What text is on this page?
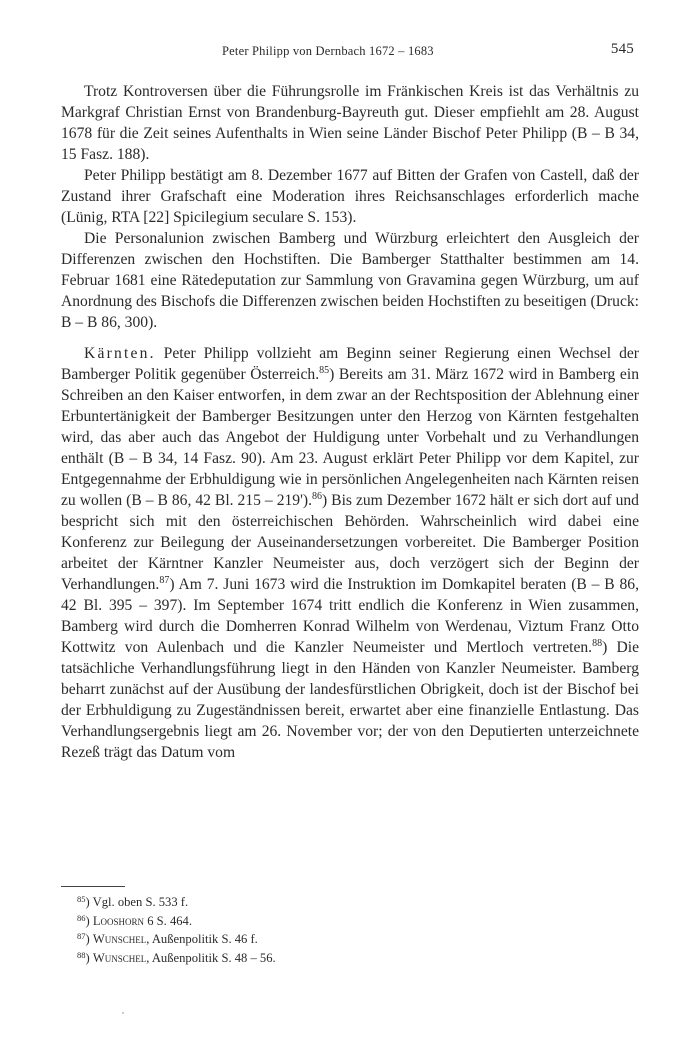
Peter Philipp von Dernbach 1672 – 1683	545

Trotz Kontroversen über die Führungsrolle im Fränkischen Kreis ist das Verhältnis zu Markgraf Christian Ernst von Brandenburg-Bayreuth gut. Dieser empfiehlt am 28. August 1678 für die Zeit seines Aufenthalts in Wien seine Länder Bischof Peter Philipp (B – B 34, 15 Fasz. 188).

Peter Philipp bestätigt am 8. Dezember 1677 auf Bitten der Grafen von Castell, daß der Zustand ihrer Grafschaft eine Moderation ihres Reichsanschlages erforderlich mache (Lünig, RTA [22] Spicilegium seculare S. 153).

Die Personalunion zwischen Bamberg und Würzburg erleichtert den Ausgleich der Differenzen zwischen den Hochstiften. Die Bamberger Statthalter bestimmen am 14. Februar 1681 eine Rätedeputation zur Sammlung von Gravamina gegen Würzburg, um auf Anordnung des Bischofs die Differenzen zwischen beiden Hochstiften zu beseitigen (Druck: B – B 86, 300).

Kärnten. Peter Philipp vollzieht am Beginn seiner Regierung einen Wechsel der Bamberger Politik gegenüber Österreich.$^{85}$) Bereits am 31. März 1672 wird in Bamberg ein Schreiben an den Kaiser entworfen, in dem zwar an der Rechtsposition der Ablehnung einer Erbuntertänigkeit der Bamberger Besitzungen unter den Herzog von Kärnten festgehalten wird, das aber auch das Angebot der Huldigung unter Vorbehalt und zu Verhandlungen enthält (B – B 34, 14 Fasz. 90). Am 23. August erklärt Peter Philipp vor dem Kapitel, zur Entgegennahme der Erbhuldigung wie in persönlichen Angelegenheiten nach Kärnten reisen zu wollen (B – B 86, 42 Bl. 215 – 219').$^{86}$) Bis zum Dezember 1672 hält er sich dort auf und bespricht sich mit den österreichischen Behörden. Wahrscheinlich wird dabei eine Konferenz zur Beilegung der Auseinandersetzungen vorbereitet. Die Bamberger Position arbeitet der Kärntner Kanzler Neumeister aus, doch verzögert sich der Beginn der Verhandlungen.$^{87}$) Am 7. Juni 1673 wird die Instruktion im Domkapitel beraten (B – B 86, 42 Bl. 395 – 397). Im September 1674 tritt endlich die Konferenz in Wien zusammen, Bamberg wird durch die Domherren Konrad Wilhelm von Werdenau, Viztum Franz Otto Kottwitz von Aulenbach und die Kanzler Neumeister und Mertloch vertreten.$^{88}$) Die tatsächliche Verhandlungsführung liegt in den Händen von Kanzler Neumeister. Bamberg beharrt zunächst auf der Ausübung der landesfürstlichen Obrigkeit, doch ist der Bischof bei der Erbhuldigung zu Zugeständnissen bereit, erwartet aber eine finanzielle Entlastung. Das Verhandlungsergebnis liegt am 26. November vor; der von den Deputierten unterzeichnete Rezeß trägt das Datum vom

$^{85}$) Vgl. oben S. 533 f.
$^{86}$) Looshorn 6 S. 464.
$^{87}$) Wunschel, Außenpolitik S. 46 f.
$^{88}$) Wunschel, Außenpolitik S. 48 – 56.
